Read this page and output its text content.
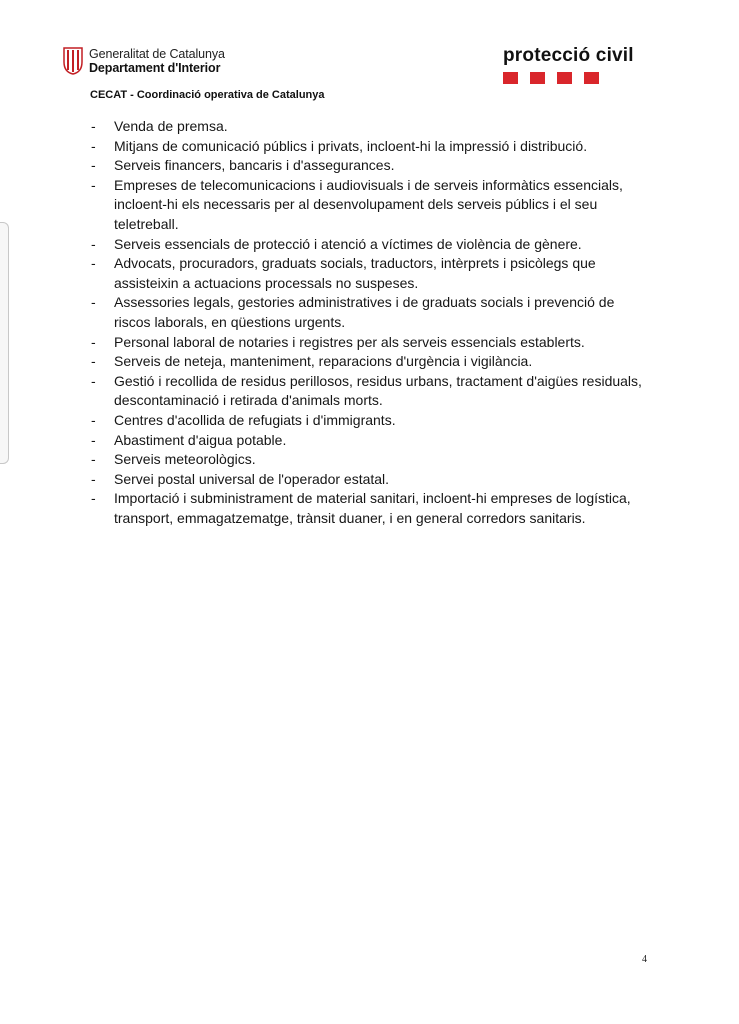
Generalitat de Catalunya
Departament d'Interior
protecció civil
CECAT - Coordinació operativa de Catalunya
- Venda de premsa.
- Mitjans de comunicació públics i privats, incloent-hi la impressió i distribució.
- Serveis financers, bancaris i d'assegurances.
- Empreses de telecomunicacions i audiovisuals i de serveis informàtics essencials, incloent-hi els necessaris per al desenvolupament dels serveis públics i el seu teletreball.
- Serveis essencials de protecció i atenció a víctimes de violència de gènere.
- Advocats, procuradors, graduats socials, traductors, intèrprets i psicòlegs que assisteixin a actuacions processals no suspeses.
- Assessories legals, gestories administratives i de graduats socials i prevenció de riscos laborals, en qüestions urgents.
- Personal laboral de notaries i registres per als serveis essencials establerts.
- Serveis de neteja, manteniment, reparacions d'urgència i vigilància.
- Gestió i recollida de residus perillosos, residus urbans, tractament d'aigües residuals, descontaminació i retirada d'animals morts.
- Centres d'acollida de refugiats i d'immigrants.
- Abastiment d'aigua potable.
- Serveis meteorològics.
- Servei postal universal de l'operador estatal.
- Importació i subministrament de material sanitari, incloent-hi empreses de logística, transport, emmagatzematge, trànsit duaner, i en general corredors sanitaris.
4
